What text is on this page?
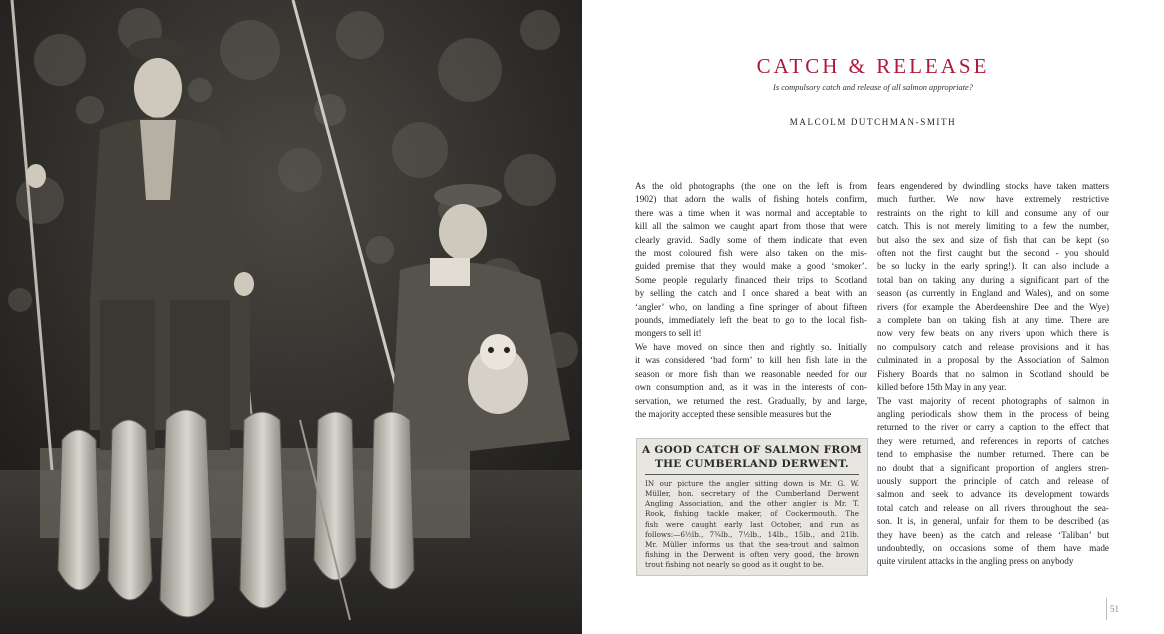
CATCH & RELEASE
Is compulsory catch and release of all salmon appropriate?
MALCOLM DUTCHMAN-SMITH
As the old photographs (the one on the left is from
1902) that adorn the walls of fishing hotels confirm,
there was a time when it was normal and acceptable to
kill all the salmon we caught apart from those that were
clearly gravid. Sadly some of them indicate that even
the most coloured fish were also taken on the mis-
guided premise that they would make a good ‘smoker’.
Some people regularly financed their trips to Scotland
by selling the catch and I once shared a beat with an
‘angler’ who, on landing a fine springer of about fifteen
pounds, immediately left the beat to go to the local fish-
mongers to sell it!
We have moved on since then and rightly so. Initially
it was considered ‘bad form’ to kill hen fish late in the
season or more fish than we reasonable needed for our
own consumption and, as it was in the interests of con-
servation, we returned the rest. Gradually, by and large,
the majority accepted these sensible measures but the
fears engendered by dwindling stocks have taken matters
much further. We now have extremely restrictive
restraints on the right to kill and consume any of our
catch. This is not merely limiting to a few the number,
but also the sex and size of fish that can be kept (so
often not the first caught but the second - you should
be so lucky in the early spring!). It can also include a
total ban on taking any during a significant part of the
season (as currently in England and Wales), and on some
rivers (for example the Aberdeenshire Dee and the Wye)
a complete ban on taking fish at any time. There are
now very few beats on any rivers upon which there is
no compulsory catch and release provisions and it has
culminated in a proposal by the Association of Salmon
Fishery Boards that no salmon in Scotland should be
killed before 15th May in any year.
The vast majority of recent photographs of salmon in
angling periodicals show them in the process of being
returned to the river or carry a caption to the effect that
they were returned, and references in reports of catches
tend to emphasise the number returned. There can be
no doubt that a significant proportion of anglers stren-
uously support the principle of catch and release of
salmon and seek to advance its development towards
total catch and release on all rivers throughout the sea-
son. It is, in general, unfair for them to be described (as
they have been) as the catch and release ‘Taliban’ but
undoubtedly, on occasions some of them have made
quite virulent attacks in the angling press on anybody
A GOOD CATCH OF SALMON FROM
THE CUMBERLAND DERWENT.
IN our picture the angler sitting down is Mr. G. W.
Müller, hon. secretary of the Cumberland Derwent
Angling Association, and the other angler is Mr. T.
Rook, fishing tackle maker, of Cockermouth. The
fish were caught early last October, and run as
follows:—6½lb., 7¾lb., 7½lb., 14lb., 15lb., and 21lb.
Mr. Müller informs us that the sea-trout and salmon
fishing in the Derwent is often very good, the brown
trout fishing not nearly so good as it ought to be.
51
